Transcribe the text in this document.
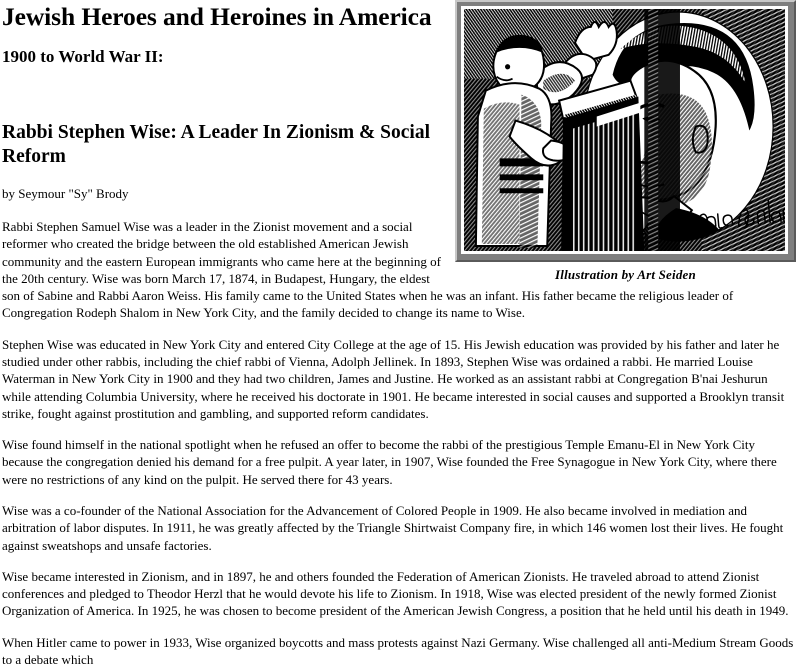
Illustration by Art Seiden
Jewish Heroes and Heroines in America
1900 to World War II:
Rabbi Stephen Wise: A Leader In Zionism & Social Reform

by Seymour "Sy" Brody

Rabbi Stephen Samuel Wise was a leader in the Zionist movement and a social reformer who created the bridge between the old established American Jewish community and the eastern European immigrants who came here at the beginning of the 20th century. Wise was born March 17, 1874, in Budapest, Hungary, the eldest son of Sabine and Rabbi Aaron Weiss. His family came to the United States when he was an infant. His father became the religious leader of Congregation Rodeph Shalom in New York City, and the family decided to change its name to Wise.

Stephen Wise was educated in New York City and entered City College at the age of 15. His Jewish education was provided by his father and later he studied under other rabbis, including the chief rabbi of Vienna, Adolph Jellinek. In 1893, Stephen Wise was ordained a rabbi. He married Louise Waterman in New York City in 1900 and they had two children, James and Justine. He worked as an assistant rabbi at Congregation B'nai Jeshurun while attending Columbia University, where he received his doctorate in 1901. He became interested in social causes and supported a Brooklyn transit strike, fought against prostitution and gambling, and supported reform candidates.

Wise found himself in the national spotlight when he refused an offer to become the rabbi of the prestigious Temple Emanu-El in New York City because the congregation denied his demand for a free pulpit. A year later, in 1907, Wise founded the Free Synagogue in New York City, where there were no restrictions of any kind on the pulpit. He served there for 43 years.

Wise was a co-founder of the National Association for the Advancement of Colored People in 1909. He also became involved in mediation and arbitration of labor disputes. In 1911, he was greatly affected by the Triangle Shirtwaist Company fire, in which 146 women lost their lives. He fought against sweatshops and unsafe factories.

Wise became interested in Zionism, and in 1897, he and others founded the Federation of American Zionists. He traveled abroad to attend Zionist conferences and pledged to Theodor Herzl that he would devote his life to Zionism. In 1918, Wise was elected president of the newly formed Zionist Organization of America. In 1925, he was chosen to become president of the American Jewish Congress, a position that he held until his death in 1949.

When Hitler came to power in 1933, Wise organized boycotts and mass protests against Nazi Germany. Wise challenged all anti-Medium Stream Goods to a debate which
